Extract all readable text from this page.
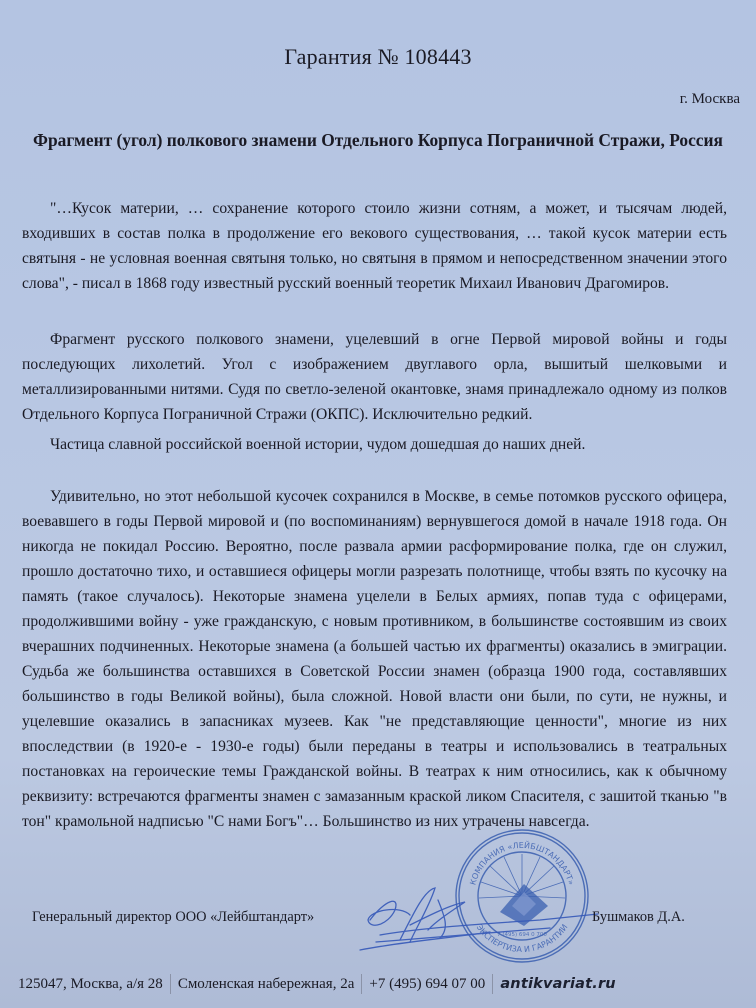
Гарантия № 108443
г. Москва
Фрагмент (угол) полкового знамени Отдельного Корпуса Пограничной Стражи, Россия

"…Кусок материи, … сохранение которого стоило жизни сотням, а может, и тысячам людей, входивших в состав полка в продолжение его векового существования, … такой кусок материи есть святыня - не условная военная святыня только, но святыня в прямом и непосредственном значении этого слова", - писал в 1868 году известный русский военный теоретик Михаил Иванович Драгомиров.

Фрагмент русского полкового знамени, уцелевший в огне Первой мировой войны и годы последующих лихолетий. Угол с изображением двуглавого орла, вышитый шелковыми и металлизированными нитями. Судя по светло-зеленой окантовке, знамя принадлежало одному из полков Отдельного Корпуса Пограничной Стражи (ОКПС). Исключительно редкий.

Частица славной российской военной истории, чудом дошедшая до наших дней.

Удивительно, но этот небольшой кусочек сохранился в Москве, в семье потомков русского офицера, воевавшего в годы Первой мировой и (по воспоминаниям) вернувшегося домой в начале 1918 года. Он никогда не покидал Россию. Вероятно, после развала армии расформирование полка, где он служил, прошло достаточно тихо, и оставшиеся офицеры могли разрезать полотнище, чтобы взять по кусочку на память (такое случалось). Некоторые знамена уцелели в Белых армиях, попав туда с офицерами, продолжившими войну - уже гражданскую, с новым противником, в большинстве состоявшим из своих вчерашних подчиненных. Некоторые знамена (а большей частью их фрагменты) оказались в эмиграции. Судьба же большинства оставшихся в Советской России знамен (образца 1900 года, составлявших большинство в годы Великой войны), была сложной. Новой власти они были, по сути, не нужны, и уцелевшие оказались в запасниках музеев. Как "не представляющие ценности", многие из них впоследствии (в 1920-е - 1930-е годы) были переданы в театры и использовались в театральных постановках на героические темы Гражданской войны. В театрах к ним относились, как к обычному реквизиту: встречаются фрагменты знамен с замазанным краской ликом Спасителя, с зашитой тканью "в тон" крамольной надписью "С нами Богъ"… Большинство из них утрачены навсегда.

КОМПАНИЯ «ЛЕЙБШТАНДАРТ»
ЭКСПЕРТИЗА И ГАРАНТИИ
7 (495) 694 0 700
Генеральный директор ООО «Лейбштандарт»	Бушмаков Д.А.
125047, Москва, а/я 28 Смоленская набережная, 2а +7 (495) 694 07 00 antikvariat.ru
